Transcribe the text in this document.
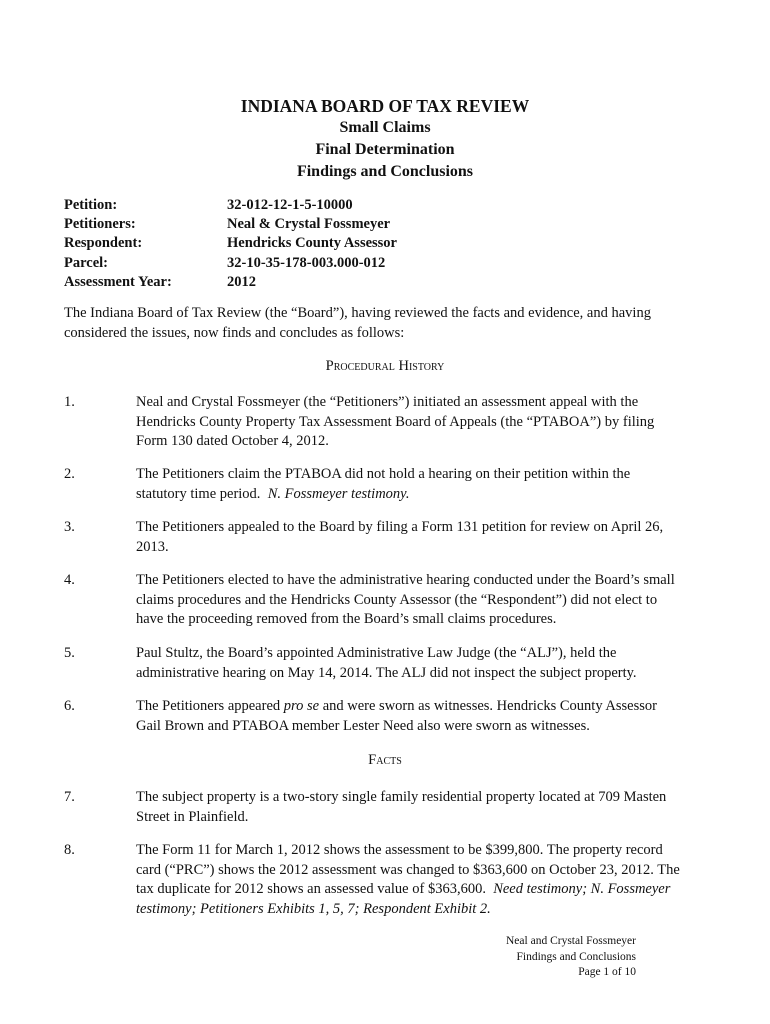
INDIANA BOARD OF TAX REVIEW
Small Claims
Final Determination
Findings and Conclusions
Petition:	32-012-12-1-5-10000
Petitioners:	Neal & Crystal Fossmeyer
Respondent:	Hendricks County Assessor
Parcel:	32-10-35-178-003.000-012
Assessment Year:	2012
The Indiana Board of Tax Review (the “Board”), having reviewed the facts and evidence, and having considered the issues, now finds and concludes as follows:
Procedural History
1.	Neal and Crystal Fossmeyer (the “Petitioners”) initiated an assessment appeal with the Hendricks County Property Tax Assessment Board of Appeals (the “PTABOA”) by filing Form 130 dated October 4, 2012.
2.	The Petitioners claim the PTABOA did not hold a hearing on their petition within the statutory time period. N. Fossmeyer testimony.
3.	The Petitioners appealed to the Board by filing a Form 131 petition for review on April 26, 2013.
4.	The Petitioners elected to have the administrative hearing conducted under the Board’s small claims procedures and the Hendricks County Assessor (the “Respondent”) did not elect to have the proceeding removed from the Board’s small claims procedures.
5.	Paul Stultz, the Board’s appointed Administrative Law Judge (the “ALJ”), held the administrative hearing on May 14, 2014. The ALJ did not inspect the subject property.
6.	The Petitioners appeared pro se and were sworn as witnesses. Hendricks County Assessor Gail Brown and PTABOA member Lester Need also were sworn as witnesses.
Facts
7.	The subject property is a two-story single family residential property located at 709 Masten Street in Plainfield.
8.	The Form 11 for March 1, 2012 shows the assessment to be $399,800. The property record card (“PRC”) shows the 2012 assessment was changed to $363,600 on October 23, 2012. The tax duplicate for 2012 shows an assessed value of $363,600. Need testimony; N. Fossmeyer testimony; Petitioners Exhibits 1, 5, 7; Respondent Exhibit 2.
Neal and Crystal Fossmeyer
Findings and Conclusions
Page 1 of 10
